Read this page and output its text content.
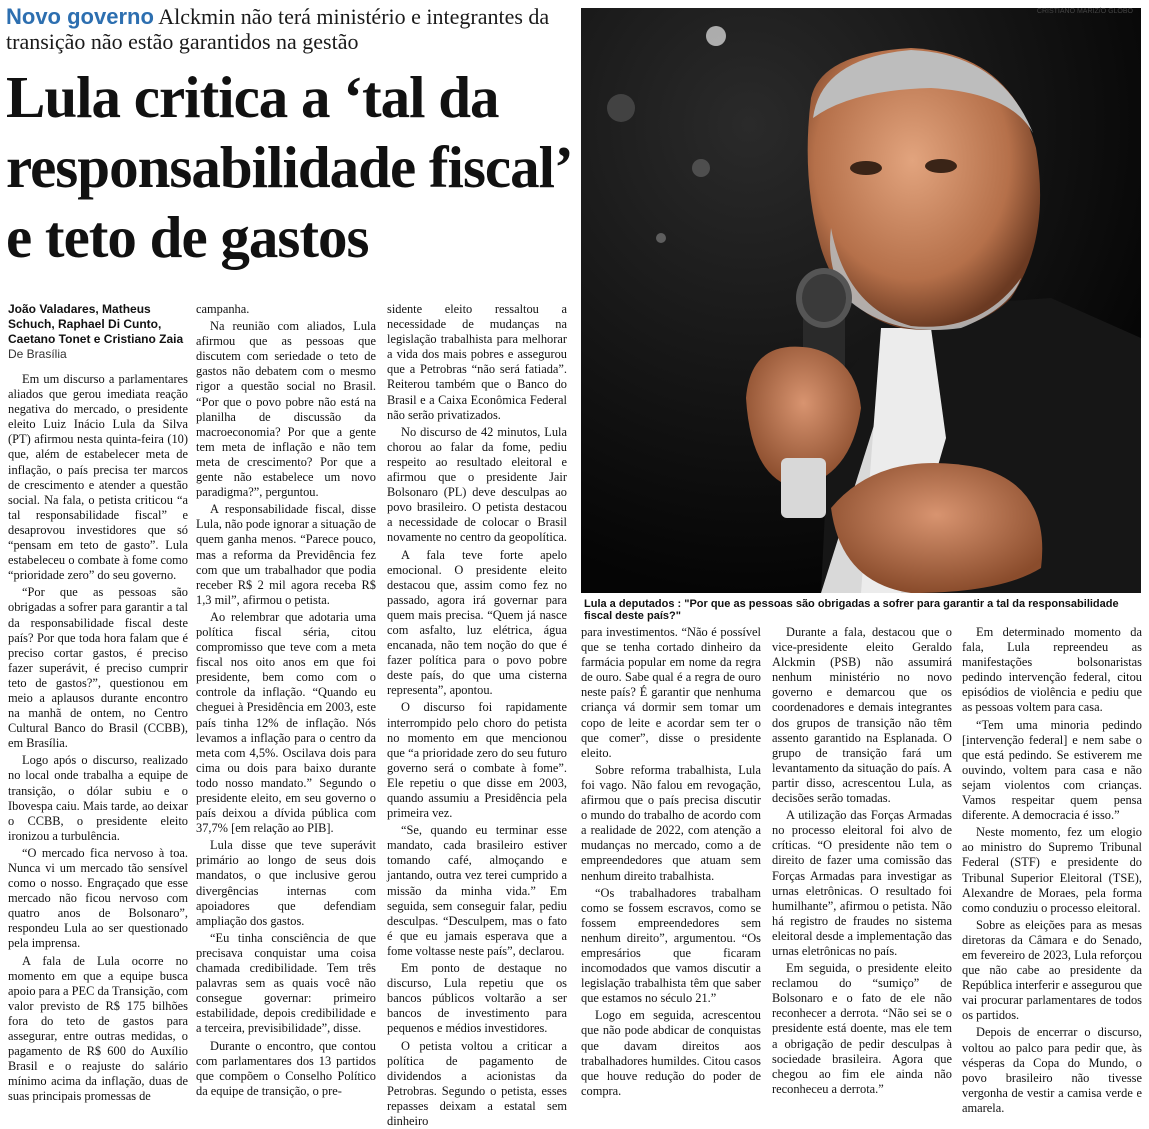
Novo governo Alckmin não terá ministério e integrantes da transição não estão garantidos na gestão
Lula critica a ‘tal da responsabilidade fiscal’ e teto de gastos
João Valadares, Matheus Schuch, Raphael Di Cunto, Caetano Tonet e Cristiano Zaia
De Brasília

Em um discurso a parlamentares aliados que gerou imediata reação negativa do mercado, o presidente eleito Luiz Inácio Lula da Silva (PT) afirmou nesta quinta-feira (10) que, além de estabelecer meta de inflação, o país precisa ter marcos de crescimento e atender a questão social. Na fala, o petista criticou “a tal responsabilidade fiscal” e desaprovou investidores que só “pensam em teto de gasto”. Lula estabeleceu o combate à fome como “prioridade zero” do seu governo.

“Por que as pessoas são obrigadas a sofrer para garantir a tal da responsabilidade fiscal deste país? Por que toda hora falam que é preciso cortar gastos, é preciso fazer superávit, é preciso cumprir teto de gastos?”, questionou em meio a aplausos durante encontro na manhã de ontem, no Centro Cultural Banco do Brasil (CCBB), em Brasília.

Logo após o discurso, realizado no local onde trabalha a equipe de transição, o dólar subiu e o Ibovespa caiu. Mais tarde, ao deixar o CCBB, o presidente eleito ironizou a turbulência.

“O mercado fica nervoso à toa. Nunca vi um mercado tão sensível como o nosso. Engraçado que esse mercado não ficou nervoso com quatro anos de Bolsonaro”, respondeu Lula ao ser questionado pela imprensa.

A fala de Lula ocorre no momento em que a equipe busca apoio para a PEC da Transição, com valor previsto de R$ 175 bilhões fora do teto de gastos para assegurar, entre outras medidas, o pagamento de R$ 600 do Auxílio Brasil e o reajuste do salário mínimo acima da inflação, duas de suas principais promessas de

campanha.

Na reunião com aliados, Lula afirmou que as pessoas que discutem com seriedade o teto de gastos não debatem com o mesmo rigor a questão social no Brasil. “Por que o povo pobre não está na planilha de discussão da macroeconomia? Por que a gente tem meta de inflação e não tem meta de crescimento? Por que a gente não estabelece um novo paradigma?”, perguntou.

A responsabilidade fiscal, disse Lula, não pode ignorar a situação de quem ganha menos. “Parece pouco, mas a reforma da Previdência fez com que um trabalhador que podia receber R$ 2 mil agora receba R$ 1,3 mil”, afirmou o petista.

Ao relembrar que adotaria uma política fiscal séria, citou compromisso que teve com a meta fiscal nos oito anos em que foi presidente, bem como com o controle da inflação. “Quando eu cheguei à Presidência em 2003, este país tinha 12% de inflação. Nós levamos a inflação para o centro da meta com 4,5%. Oscilava dois para cima ou dois para baixo durante todo nosso mandato.” Segundo o presidente eleito, em seu governo o país deixou a dívida pública com 37,7% [em relação ao PIB].

Lula disse que teve superávit primário ao longo de seus dois mandatos, o que inclusive gerou divergências internas com apoiadores que defendiam ampliação dos gastos.

“Eu tinha consciência de que precisava conquistar uma coisa chamada credibilidade. Tem três palavras sem as quais você não consegue governar: primeiro estabilidade, depois credibilidade e a terceira, previsibilidade”, disse.

Durante o encontro, que contou com parlamentares dos 13 partidos que compõem o Conselho Político da equipe de transição, o pre-

sidente eleito ressaltou a necessidade de mudanças na legislação trabalhista para melhorar a vida dos mais pobres e assegurou que a Petrobras “não será fatiada”. Reiterou também que o Banco do Brasil e a Caixa Econômica Federal não serão privatizados.

No discurso de 42 minutos, Lula chorou ao falar da fome, pediu respeito ao resultado eleitoral e afirmou que o presidente Jair Bolsonaro (PL) deve desculpas ao povo brasileiro. O petista destacou a necessidade de colocar o Brasil novamente no centro da geopolítica.

A fala teve forte apelo emocional. O presidente eleito destacou que, assim como fez no passado, agora irá governar para quem mais precisa. “Quem já nasce com asfalto, luz elétrica, água encanada, não tem noção do que é fazer política para o povo pobre deste país, do que uma cisterna representa”, apontou.

O discurso foi rapidamente interrompido pelo choro do petista no momento em que mencionou que “a prioridade zero do seu futuro governo será o combate à fome”. Ele repetiu o que disse em 2003, quando assumiu a Presidência pela primeira vez.

“Se, quando eu terminar esse mandato, cada brasileiro estiver tomando café, almoçando e jantando, outra vez terei cumprido a missão da minha vida.” Em seguida, sem conseguir falar, pediu desculpas. “Desculpem, mas o fato é que eu jamais esperava que a fome voltasse neste país”, declarou.

Em ponto de destaque no discurso, Lula repetiu que os bancos públicos voltarão a ser bancos de investimento para pequenos e médios investidores.

O petista voltou a criticar a política de pagamento de dividendos a acionistas da Petrobras. Segundo o petista, esses repasses deixam a estatal sem dinheiro

para investimentos. “Não é possível que se tenha cortado dinheiro da farmácia popular em nome da regra de ouro. Sabe qual é a regra de ouro neste país? É garantir que nenhuma criança vá dormir sem tomar um copo de leite e acordar sem ter o que comer”, disse o presidente eleito.

Sobre reforma trabalhista, Lula foi vago. Não falou em revogação, afirmou que o país precisa discutir o mundo do trabalho de acordo com a realidade de 2022, com atenção a mudanças no mercado, como a de empreendedores que atuam sem nenhum direito trabalhista.

“Os trabalhadores trabalham como se fossem escravos, como se fossem empreendedores sem nenhum direito”, argumentou. “Os empresários que ficaram incomodados que vamos discutir a legislação trabalhista têm que saber que estamos no século 21.”

Logo em seguida, acrescentou que não pode abdicar de conquistas que davam direitos aos trabalhadores humildes. Citou casos que houve redução do poder de compra.

Durante a fala, destacou que o vice-presidente eleito Geraldo Alckmin (PSB) não assumirá nenhum ministério no novo governo e demarcou que os coordenadores e demais integrantes dos grupos de transição não têm assento garantido na Esplanada. O grupo de transição fará um levantamento da situação do país. A partir disso, acrescentou Lula, as decisões serão tomadas.

A utilização das Forças Armadas no processo eleitoral foi alvo de críticas. “O presidente não tem o direito de fazer uma comissão das Forças Armadas para investigar as urnas eletrônicas. O resultado foi humilhante”, afirmou o petista. Não há registro de fraudes no sistema eleitoral desde a implementação das urnas eletrônicas no país.

Em seguida, o presidente eleito reclamou do “sumiço” de Bolsonaro e o fato de ele não reconhecer a derrota. “Não sei se o presidente está doente, mas ele tem a obrigação de pedir desculpas à sociedade brasileira. Agora que chegou ao fim ele ainda não reconheceu a derrota.”

Em determinado momento da fala, Lula repreendeu as manifestações bolsonaristas pedindo intervenção federal, citou episódios de violência e pediu que as pessoas voltem para casa.

“Tem uma minoria pedindo [intervenção federal] e nem sabe o que está pedindo. Se estiverem me ouvindo, voltem para casa e não sejam violentos com crianças. Vamos respeitar quem pensa diferente. A democracia é isso.”

Neste momento, fez um elogio ao ministro do Supremo Tribunal Federal (STF) e presidente do Tribunal Superior Eleitoral (TSE), Alexandre de Moraes, pela forma como conduziu o processo eleitoral.

Sobre as eleições para as mesas diretoras da Câmara e do Senado, em fevereiro de 2023, Lula reforçou que não cabe ao presidente da República interferir e assegurou que vai procurar parlamentares de todos os partidos.

Depois de encerrar o discurso, voltou ao palco para pedir que, às vésperas da Copa do Mundo, o povo brasileiro não tivesse vergonha de vestir a camisa verde e amarela.

CRISTIANO MARIZ/O GLOBO
Lula a deputados : "Por que as pessoas são obrigadas a sofrer para garantir a tal da responsabilidade fiscal deste país?"
